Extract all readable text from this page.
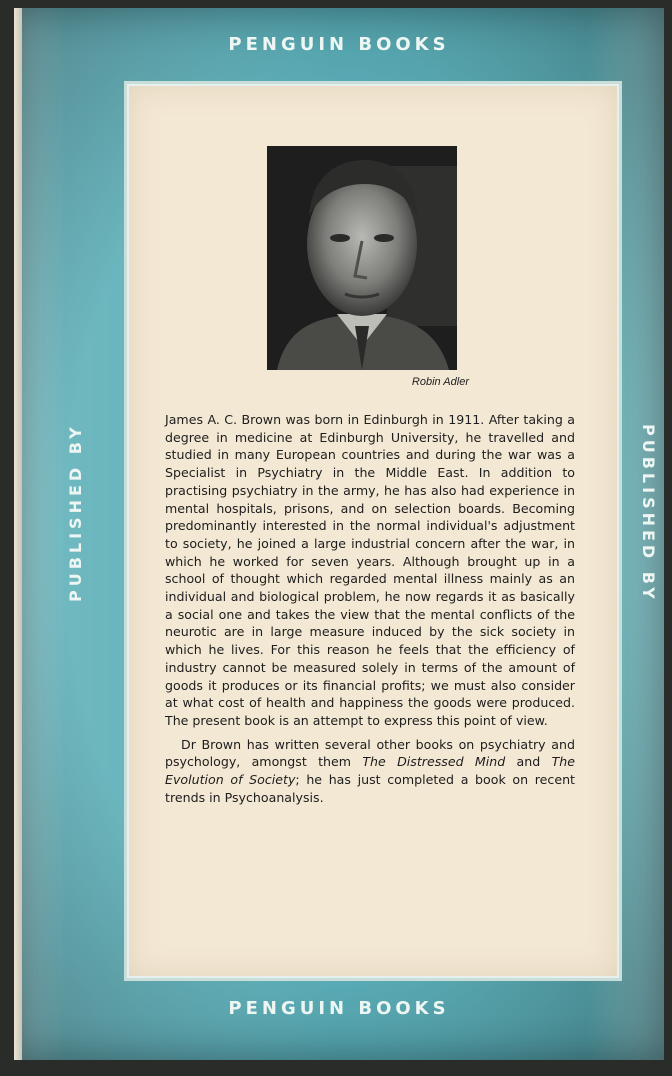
PENGUIN BOOKS
PUBLISHED BY	PUBLISHED BY
Robin Adler

James A. C. Brown was born in Edinburgh in 1911. After taking a degree in medicine at Edinburgh University, he travelled and studied in many European countries and during the war was a Specialist in Psychiatry in the Middle East. In addition to practising psychiatry in the army, he has also had experience in mental hospitals, prisons, and on selection boards. Becoming predominantly interested in the normal individual's adjustment to society, he joined a large industrial concern after the war, in which he worked for seven years. Although brought up in a school of thought which regarded mental illness mainly as an individual and biological problem, he now regards it as basically a social one and takes the view that the mental conflicts of the neurotic are in large measure induced by the sick society in which he lives. For this reason he feels that the efficiency of industry cannot be measured solely in terms of the amount of goods it produces or its financial profits; we must also consider at what cost of health and happiness the goods were produced. The present book is an attempt to express this point of view.

Dr Brown has written several other books on psychiatry and psychology, amongst them The Distressed Mind and The Evolution of Society; he has just completed a book on recent trends in Psychoanalysis.

PENGUIN BOOKS
